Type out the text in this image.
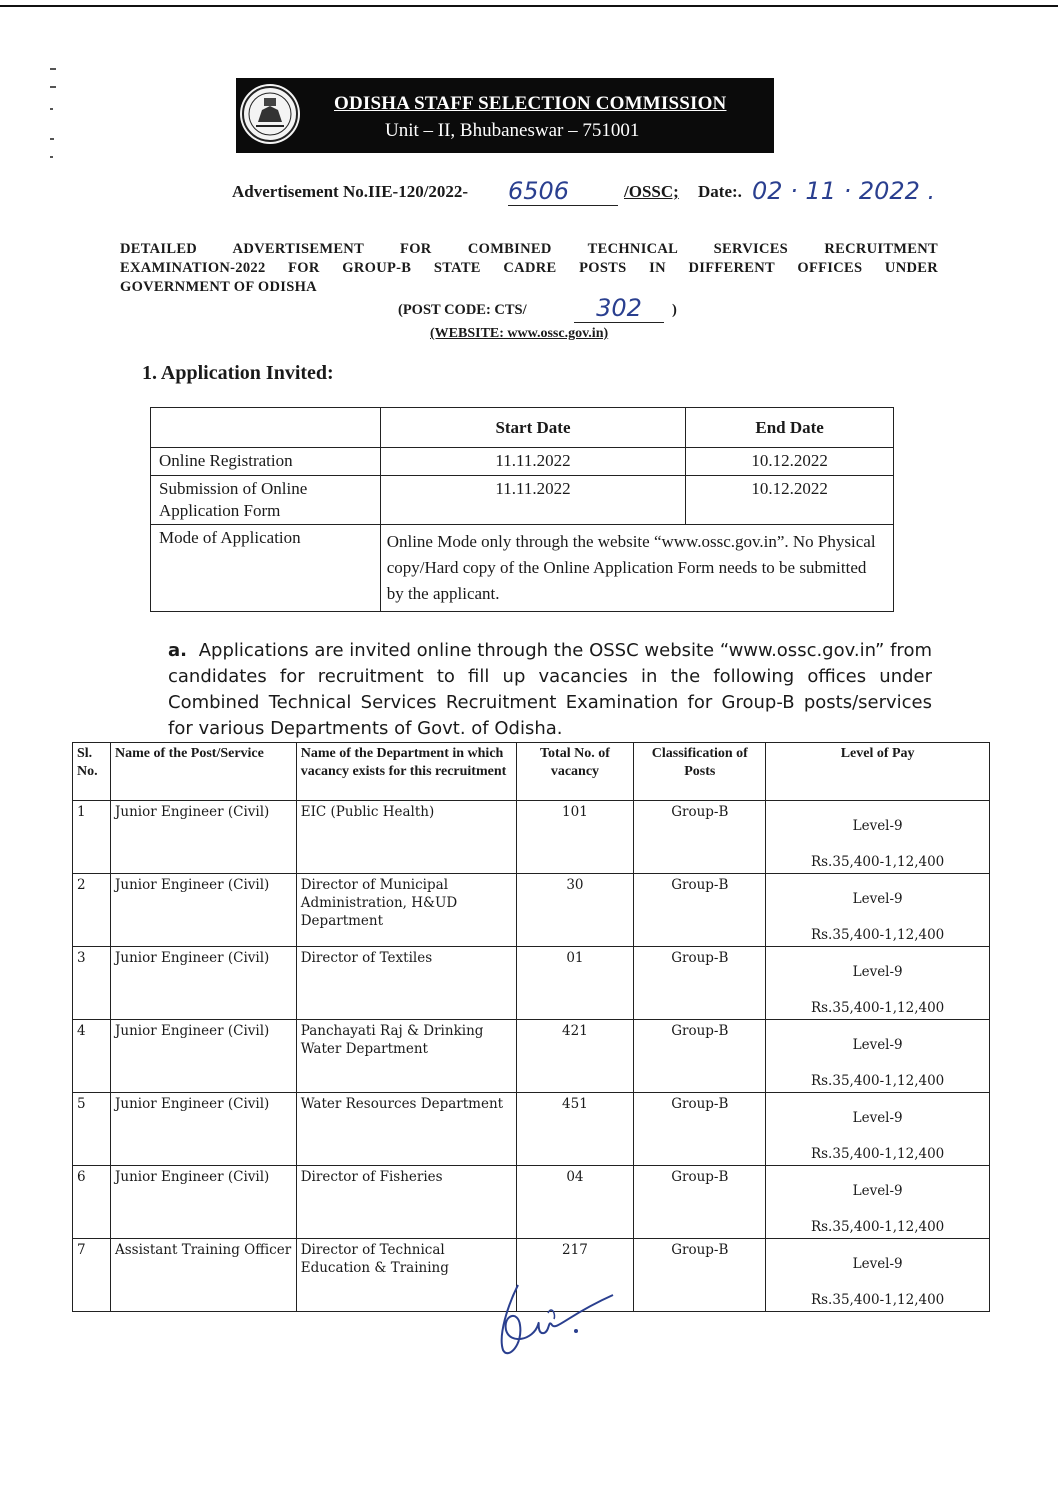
ODISHA STAFF SELECTION COMMISSION
Unit – II, Bhubaneswar – 751001
Advertisement No.IIE-120/2022- 6506	/OSSC; Date:. 02 · 11 · 2022 .
DETAILED ADVERTISEMENT FOR COMBINED TECHNICAL SERVICES RECRUITMENT
EXAMINATION-2022 FOR GROUP-B STATE CADRE POSTS IN DIFFERENT OFFICES UNDER
GOVERNMENT OF ODISHA
(POST CODE: CTS/	302	)
(WEBSITE: www.ossc.gov.in)
1. Application Invited:
	Start Date	End Date
Online Registration	11.11.2022	10.12.2022
Submission of Online Application Form	11.11.2022	10.12.2022
Mode of Application	Online Mode only through the website “www.ossc.gov.in”. No Physical copy/Hard copy of the Online Application Form needs to be submitted by the applicant.	
a. Applications are invited online through the OSSC website “www.ossc.gov.in” from candidates for recruitment to fill up vacancies in the following offices under Combined Technical Services Recruitment Examination for Group-B posts/services for various Departments of Govt. of Odisha.
Sl. No.	Name of the Post/Service	Name of the Department in which vacancy exists for this recruitment	Total No. of vacancy	Classification of Posts	Level of Pay
1	Junior Engineer (Civil)	EIC (Public Health)	101	Group-B	Level-9
Rs.35,400-1,12,400

2	Junior Engineer (Civil)	Director of Municipal Administration, H&UD Department	30	Group-B	Level-9
Rs.35,400-1,12,400

3	Junior Engineer (Civil)	Director of Textiles	01	Group-B	Level-9
Rs.35,400-1,12,400

4	Junior Engineer (Civil)	Panchayati Raj & Drinking Water Department	421	Group-B	Level-9
Rs.35,400-1,12,400

5	Junior Engineer (Civil)	Water Resources Department	451	Group-B	Level-9
Rs.35,400-1,12,400

6	Junior Engineer (Civil)	Director of Fisheries	04	Group-B	Level-9
Rs.35,400-1,12,400

7	Assistant Training Officer	Director of Technical Education & Training	217	Group-B	Level-9
Rs.35,400-1,12,400
